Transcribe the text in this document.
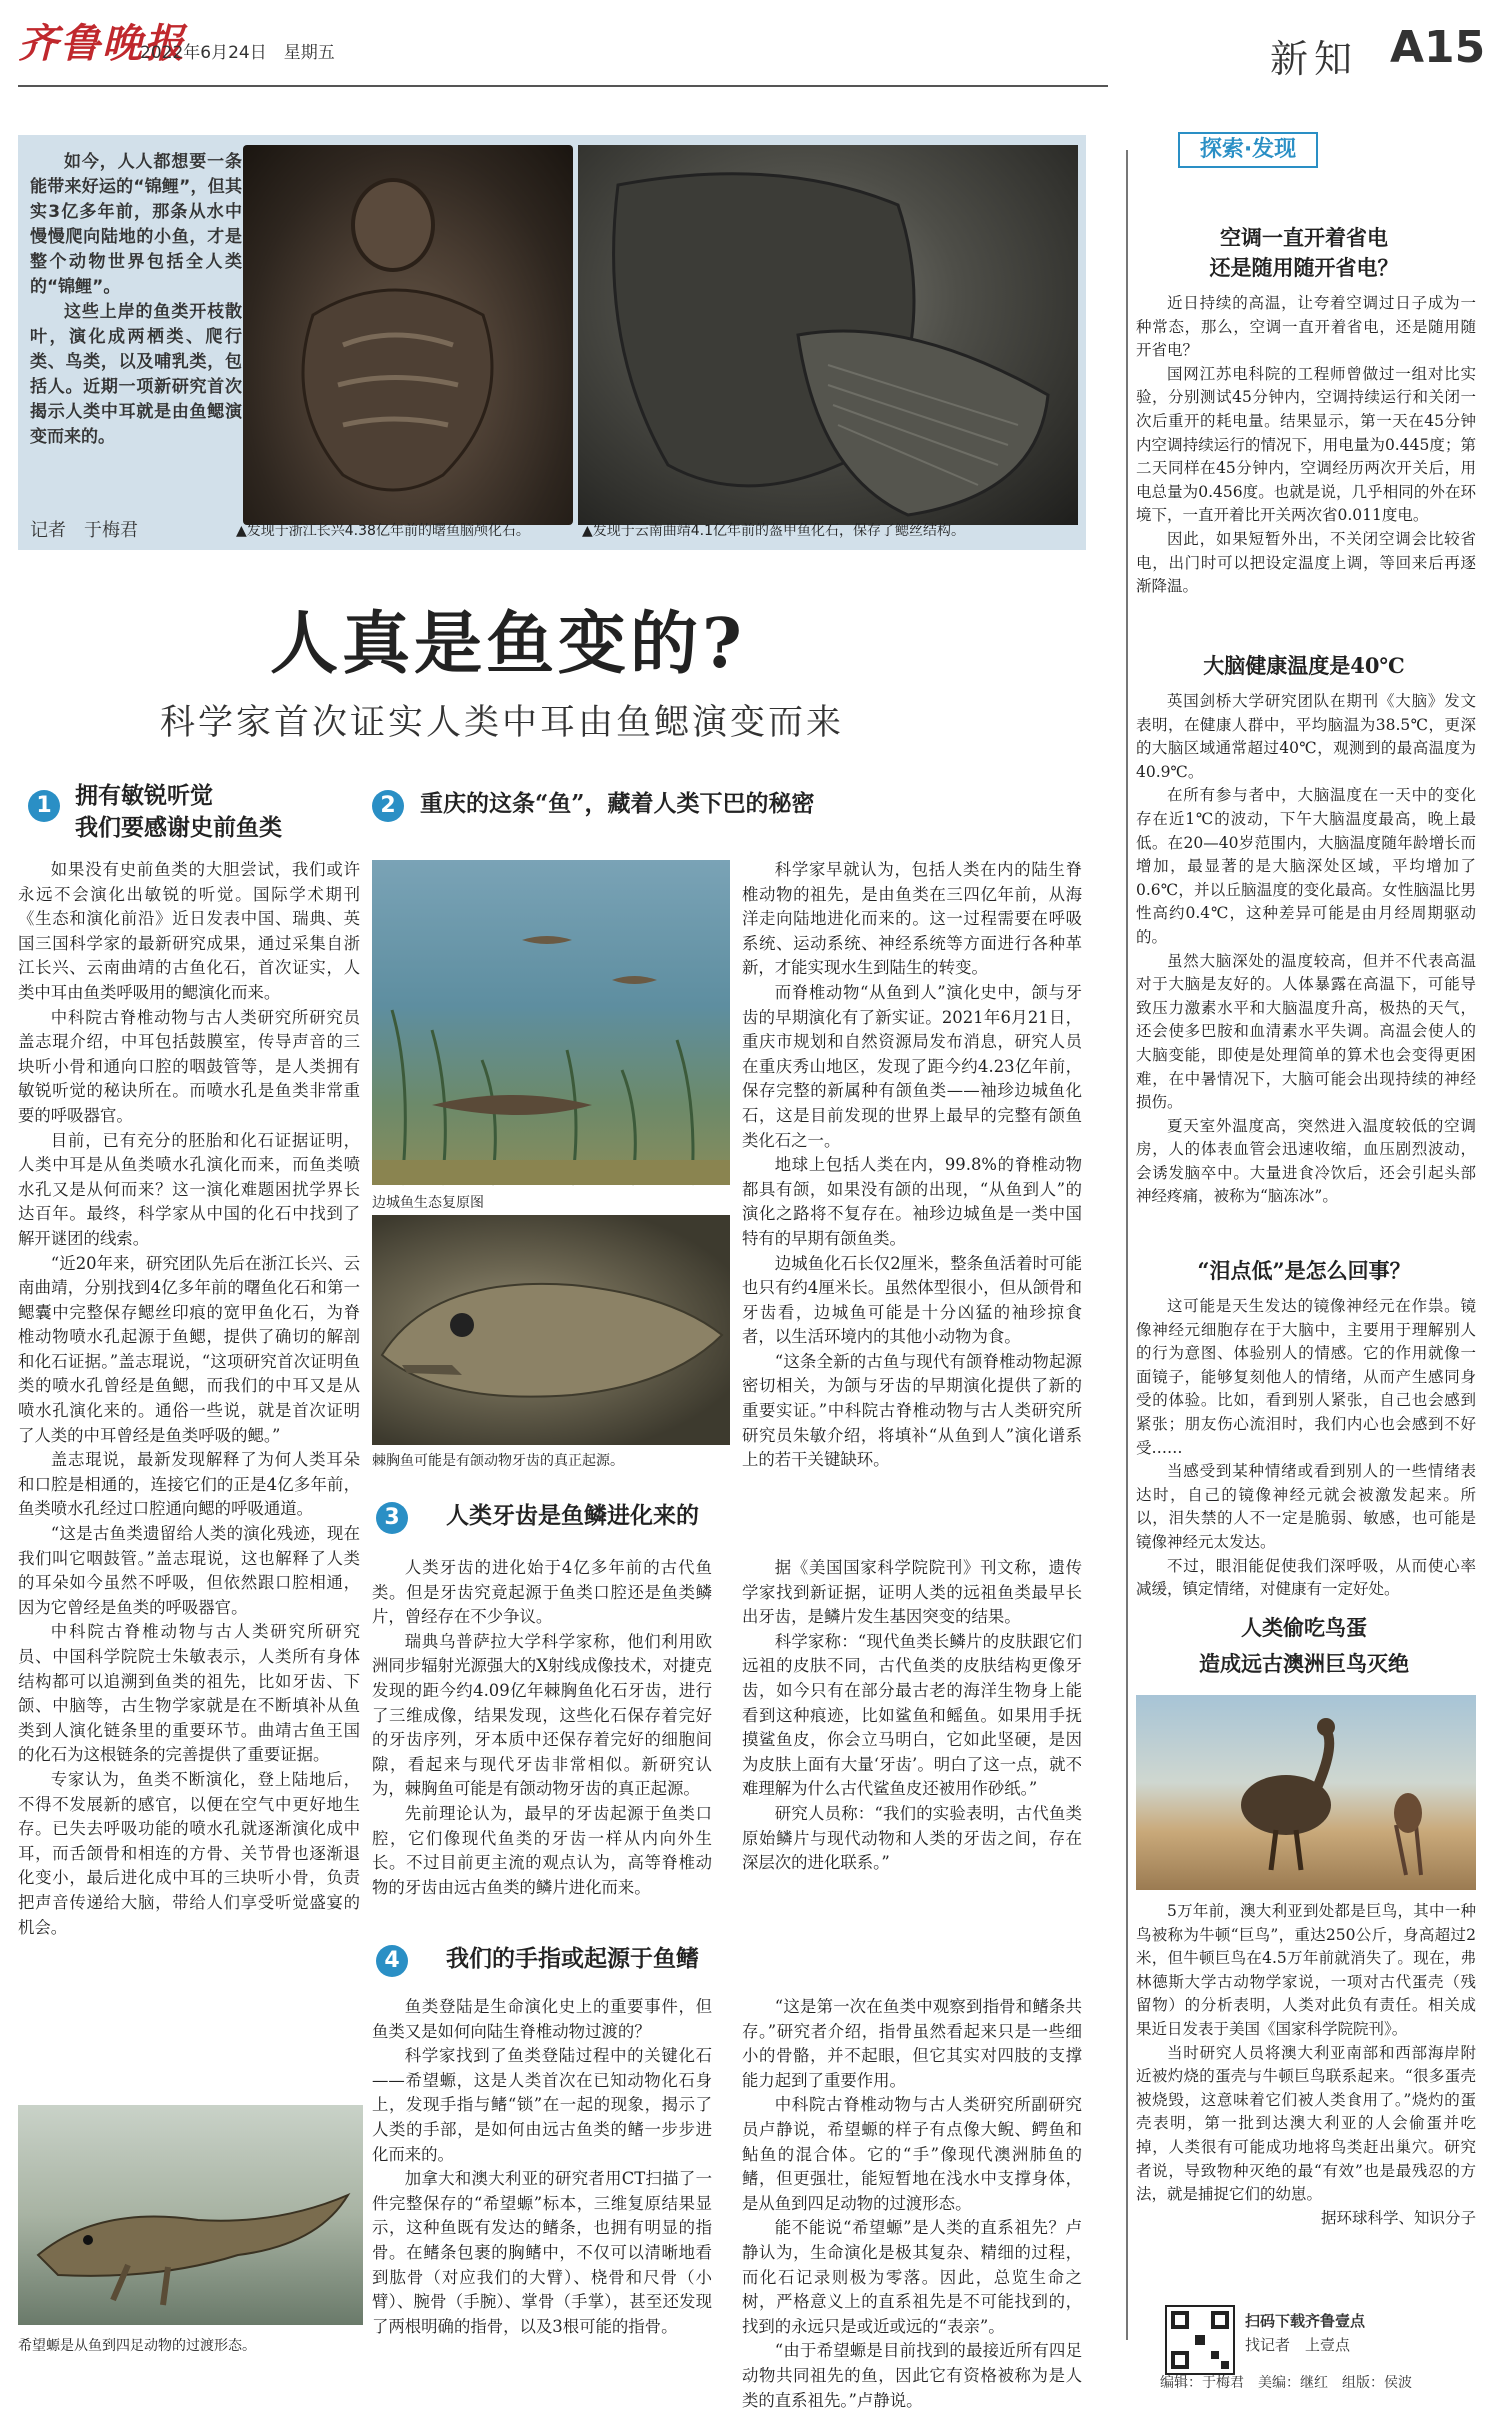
齐鲁晚报
2022年6月24日　星期五	新知 A15

如今，人人都想要一条能带来好运的“锦鲤”，但其实3亿多年前，那条从水中慢慢爬向陆地的小鱼，才是整个动物世界包括全人类的“锦鲤”。

这些上岸的鱼类开枝散叶，演化成两栖类、爬行类、鸟类，以及哺乳类，包括人。近期一项新研究首次揭示人类中耳就是由鱼鳃演变而来的。

记者　于梅君	▲发现于浙江长兴4.38亿年前的曙鱼脑颅化石。	▲发现于云南曲靖4.1亿年前的盔甲鱼化石，保存了鳃丝结构。
人真是鱼变的?
科学家首次证实人类中耳由鱼鳃演变而来
1	拥有敏锐听觉
我们要感谢史前鱼类

如果没有史前鱼类的大胆尝试，我们或许永远不会演化出敏锐的听觉。国际学术期刊《生态和演化前沿》近日发表中国、瑞典、英国三国科学家的最新研究成果，通过采集自浙江长兴、云南曲靖的古鱼化石，首次证实，人类中耳由鱼类呼吸用的鳃演化而来。

中科院古脊椎动物与古人类研究所研究员盖志琨介绍，中耳包括鼓膜室，传导声音的三块听小骨和通向口腔的咽鼓管等，是人类拥有敏锐听觉的秘诀所在。而喷水孔是鱼类非常重要的呼吸器官。

目前，已有充分的胚胎和化石证据证明，人类中耳是从鱼类喷水孔演化而来，而鱼类喷水孔又是从何而来？这一演化难题困扰学界长达百年。最终，科学家从中国的化石中找到了解开谜团的线索。

“近20年来，研究团队先后在浙江长兴、云南曲靖，分别找到4亿多年前的曙鱼化石和第一鳃囊中完整保存鳃丝印痕的宽甲鱼化石，为脊椎动物喷水孔起源于鱼鳃，提供了确切的解剖和化石证据。”盖志琨说，“这项研究首次证明鱼类的喷水孔曾经是鱼鳃，而我们的中耳又是从喷水孔演化来的。通俗一些说，就是首次证明了人类的中耳曾经是鱼类呼吸的鳃。”

盖志琨说，最新发现解释了为何人类耳朵和口腔是相通的，连接它们的正是4亿多年前，鱼类喷水孔经过口腔通向鳃的呼吸通道。

“这是古鱼类遗留给人类的演化残迹，现在我们叫它咽鼓管。”盖志琨说，这也解释了人类的耳朵如今虽然不呼吸，但依然跟口腔相通，因为它曾经是鱼类的呼吸器官。

中科院古脊椎动物与古人类研究所研究员、中国科学院院士朱敏表示，人类所有身体结构都可以追溯到鱼类的祖先，比如牙齿、下颌、中脑等，古生物学家就是在不断填补从鱼类到人演化链条里的重要环节。曲靖古鱼王国的化石为这根链条的完善提供了重要证据。

专家认为，鱼类不断演化，登上陆地后，不得不发展新的感官，以便在空气中更好地生存。已失去呼吸功能的喷水孔就逐渐演化成中耳，而舌颌骨和相连的方骨、关节骨也逐渐退化变小，最后进化成中耳的三块听小骨，负责把声音传递给大脑，带给人们享受听觉盛宴的机会。

希望螈是从鱼到四足动物的过渡形态。
2	重庆的这条“鱼”，藏着人类下巴的秘密
边城鱼生态复原图
棘胸鱼可能是有颌动物牙齿的真正起源。

科学家早就认为，包括人类在内的陆生脊椎动物的祖先，是由鱼类在三四亿年前，从海洋走向陆地进化而来的。这一过程需要在呼吸系统、运动系统、神经系统等方面进行各种革新，才能实现水生到陆生的转变。

而脊椎动物“从鱼到人”演化史中，颌与牙齿的早期演化有了新实证。2021年6月21日，重庆市规划和自然资源局发布消息，研究人员在重庆秀山地区，发现了距今约4.23亿年前，保存完整的新属种有颌鱼类——袖珍边城鱼化石，这是目前发现的世界上最早的完整有颌鱼类化石之一。

地球上包括人类在内，99.8%的脊椎动物都具有颌，如果没有颌的出现，“从鱼到人”的演化之路将不复存在。袖珍边城鱼是一类中国特有的早期有颌鱼类。

边城鱼化石长仅2厘米，整条鱼活着时可能也只有约4厘米长。虽然体型很小，但从颌骨和牙齿看，边城鱼可能是十分凶猛的袖珍掠食者，以生活环境内的其他小动物为食。

“这条全新的古鱼与现代有颌脊椎动物起源密切相关，为颌与牙齿的早期演化提供了新的重要实证。”中科院古脊椎动物与古人类研究所研究员朱敏介绍，将填补“从鱼到人”演化谱系上的若干关键缺环。

3	人类牙齿是鱼鳞进化来的

人类牙齿的进化始于4亿多年前的古代鱼类。但是牙齿究竟起源于鱼类口腔还是鱼类鳞片，曾经存在不少争议。

瑞典乌普萨拉大学科学家称，他们利用欧洲同步辐射光源强大的X射线成像技术，对捷克发现的距今约4.09亿年棘胸鱼化石牙齿，进行了三维成像，结果发现，这些化石保存着完好的牙齿序列，牙本质中还保存着完好的细胞间隙，看起来与现代牙齿非常相似。新研究认为，棘胸鱼可能是有颌动物牙齿的真正起源。

先前理论认为，最早的牙齿起源于鱼类口腔，它们像现代鱼类的牙齿一样从内向外生长。不过目前更主流的观点认为，高等脊椎动物的牙齿由远古鱼类的鳞片进化而来。

据《美国国家科学院院刊》刊文称，遗传学家找到新证据，证明人类的远祖鱼类最早长出牙齿，是鳞片发生基因突变的结果。

科学家称：“现代鱼类长鳞片的皮肤跟它们远祖的皮肤不同，古代鱼类的皮肤结构更像牙齿，如今只有在部分最古老的海洋生物身上能看到这种痕迹，比如鲨鱼和鳐鱼。如果用手抚摸鲨鱼皮，你会立马明白，它如此坚硬，是因为皮肤上面有大量‘牙齿’。明白了这一点，就不难理解为什么古代鲨鱼皮还被用作砂纸。”

研究人员称：“我们的实验表明，古代鱼类原始鳞片与现代动物和人类的牙齿之间，存在深层次的进化联系。”

4	我们的手指或起源于鱼鳍

鱼类登陆是生命演化史上的重要事件，但鱼类又是如何向陆生脊椎动物过渡的？

科学家找到了鱼类登陆过程中的关键化石——希望螈，这是人类首次在已知动物化石身上，发现手指与鳍“锁”在一起的现象，揭示了人类的手部，是如何由远古鱼类的鳍一步步进化而来的。

加拿大和澳大利亚的研究者用CT扫描了一件完整保存的“希望螈”标本，三维复原结果显示，这种鱼既有发达的鳍条，也拥有明显的指骨。在鳍条包裹的胸鳍中，不仅可以清晰地看到肱骨（对应我们的大臂）、桡骨和尺骨（小臂）、腕骨（手腕）、掌骨（手掌），甚至还发现了两根明确的指骨，以及3根可能的指骨。

“这是第一次在鱼类中观察到指骨和鳍条共存。”研究者介绍，指骨虽然看起来只是一些细小的骨骼，并不起眼，但它其实对四肢的支撑能力起到了重要作用。

中科院古脊椎动物与古人类研究所副研究员卢静说，希望螈的样子有点像大鲵、鳄鱼和鲇鱼的混合体。它的“手”像现代澳洲肺鱼的鳍，但更强壮，能短暂地在浅水中支撑身体，是从鱼到四足动物的过渡形态。

能不能说“希望螈”是人类的直系祖先？卢静认为，生命演化是极其复杂、精细的过程，而化石记录则极为零落。因此，总览生命之树，严格意义上的直系祖先是不可能找到的，找到的永远只是或近或远的“表亲”。

“由于希望螈是目前找到的最接近所有四足动物共同祖先的鱼，因此它有资格被称为是人类的直系祖先。”卢静说。

探索·发现
空调一直开着省电
还是随用随开省电？

近日持续的高温，让夸着空调过日子成为一种常态，那么，空调一直开着省电，还是随用随开省电？

国网江苏电科院的工程师曾做过一组对比实验，分别测试45分钟内，空调持续运行和关闭一次后重开的耗电量。结果显示，第一天在45分钟内空调持续运行的情况下，用电量为0.445度；第二天同样在45分钟内，空调经历两次开关后，用电总量为0.456度。也就是说，几乎相同的外在环境下，一直开着比开关两次省0.011度电。

因此，如果短暂外出，不关闭空调会比较省电，出门时可以把设定温度上调，等回来后再逐渐降温。

大脑健康温度是40℃

英国剑桥大学研究团队在期刊《大脑》发文表明，在健康人群中，平均脑温为38.5℃，更深的大脑区域通常超过40℃，观测到的最高温度为40.9℃。

在所有参与者中，大脑温度在一天中的变化存在近1℃的波动，下午大脑温度最高，晚上最低。在20—40岁范围内，大脑温度随年龄增长而增加，最显著的是大脑深处区域，平均增加了0.6℃，并以丘脑温度的变化最高。女性脑温比男性高约0.4℃，这种差异可能是由月经周期驱动的。

虽然大脑深处的温度较高，但并不代表高温对于大脑是友好的。人体暴露在高温下，可能导致压力激素水平和大脑温度升高，极热的天气，还会使多巴胺和血清素水平失调。高温会使人的大脑变能，即使是处理简单的算术也会变得更困难，在中暑情况下，大脑可能会出现持续的神经损伤。

夏天室外温度高，突然进入温度较低的空调房，人的体表血管会迅速收缩，血压剧烈波动，会诱发脑卒中。大量进食冷饮后，还会引起头部神经疼痛，被称为“脑冻冰”。

“泪点低”是怎么回事？

这可能是天生发达的镜像神经元在作祟。镜像神经元细胞存在于大脑中，主要用于理解别人的行为意图、体验别人的情感。它的作用就像一面镜子，能够复刻他人的情绪，从而产生感同身受的体验。比如，看到别人紧张，自己也会感到紧张；朋友伤心流泪时，我们内心也会感到不好受……

当感受到某种情绪或看到别人的一些情绪表达时，自己的镜像神经元就会被激发起来。所以，泪失禁的人不一定是脆弱、敏感，也可能是镜像神经元太发达。

不过，眼泪能促使我们深呼吸，从而使心率减缓，镇定情绪，对健康有一定好处。

人类偷吃鸟蛋
造成远古澳洲巨鸟灭绝

5万年前，澳大利亚到处都是巨鸟，其中一种鸟被称为牛顿“巨鸟”，重达250公斤，身高超过2米，但牛顿巨鸟在4.5万年前就消失了。现在，弗林德斯大学古动物学家说，一项对古代蛋壳（残留物）的分析表明，人类对此负有责任。相关成果近日发表于美国《国家科学院院刊》。

当时研究人员将澳大利亚南部和西部海岸附近被灼烧的蛋壳与牛顿巨鸟联系起来。“很多蛋壳被烧毁，这意味着它们被人类食用了。”烧灼的蛋壳表明，第一批到达澳大利亚的人会偷蛋并吃掉，人类很有可能成功地将鸟类赶出巢穴。研究者说，导致物种灭绝的最“有效”也是最残忍的方法，就是捕捉它们的幼崽。

据环球科学、知识分子

扫码下载齐鲁壹点
找记者　上壹点
编辑：于梅君　美编：继红　组版：侯波
